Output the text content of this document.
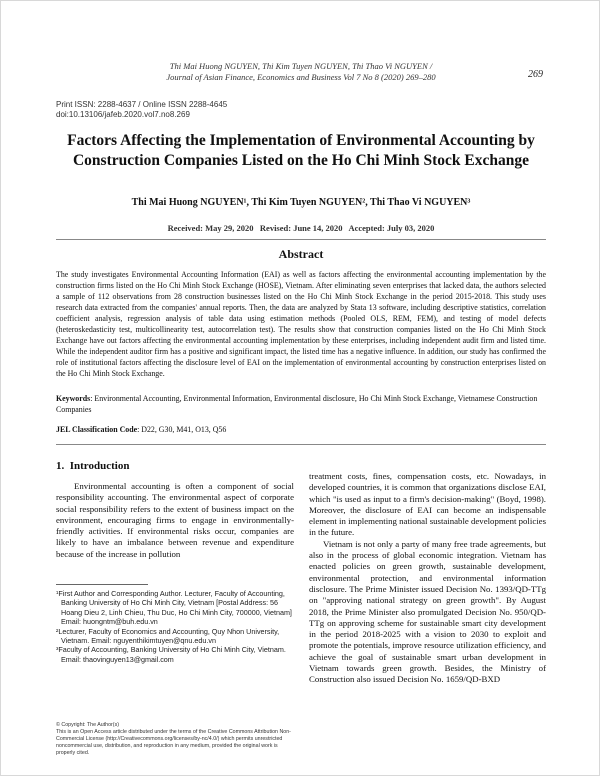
Thi Mai Huong NGUYEN, Thi Kim Tuyen NGUYEN, Thi Thao Vi NGUYEN /
Journal of Asian Finance, Economics and Business Vol 7 No 8 (2020) 269–280	269
Print ISSN: 2288-4637 / Online ISSN 2288-4645
doi:10.13106/jafeb.2020.vol7.no8.269
Factors Affecting the Implementation of Environmental Accounting by
Construction Companies Listed on the Ho Chi Minh Stock Exchange
Thi Mai Huong NGUYEN¹, Thi Kim Tuyen NGUYEN², Thi Thao Vi NGUYEN³
Received: May 29, 2020   Revised: June 14, 2020   Accepted: July 03, 2020
Abstract
The study investigates Environmental Accounting Information (EAI) as well as factors affecting the environmental accounting implementation by the construction firms listed on the Ho Chi Minh Stock Exchange (HOSE), Vietnam. After eliminating seven enterprises that lacked data, the authors selected a sample of 112 observations from 28 construction businesses listed on the Ho Chi Minh Stock Exchange in the period 2015-2018. This study uses research data extracted from the companies' annual reports. Then, the data are analyzed by Stata 13 software, including descriptive statistics, correlation coefficient analysis, regression analysis of table data using estimation methods (Pooled OLS, REM, FEM), and testing of model defects (heteroskedasticity test, multicollinearity test, autocorrelation test). The results show that construction companies listed on the Ho Chi Minh Stock Exchange have out factors affecting the environmental accounting implementation by these enterprises, including independent audit firm and listed time. While the independent auditor firm has a positive and significant impact, the listed time has a negative influence. In addition, our study has confirmed the role of institutional factors affecting the disclosure level of EAI on the implementation of environmental accounting by construction enterprises listed on the Ho Chi Minh Stock Exchange.
Keywords: Environmental Accounting, Environmental Information, Environmental disclosure, Ho Chi Minh Stock Exchange, Vietnamese Construction Companies
JEL Classification Code: D22, G30, M41, O13, Q56
1.  Introduction

Environmental accounting is often a component of social responsibility accounting. The environmental aspect of corporate social responsibility refers to the extent of business impact on the environment, encouraging firms to engage in environmentally-friendly activities. If environmental risks occur, companies are likely to have an imbalance between revenue and expenditure because of the increase in pollution

treatment costs, fines, compensation costs, etc. Nowadays, in developed countries, it is common that organizations disclose EAI, which "is used as input to a firm's decision-making" (Boyd, 1998). Moreover, the disclosure of EAI can become an indispensable element in implementing national sustainable development policies in the future.

Vietnam is not only a party of many free trade agreements, but also in the process of global economic integration. Vietnam has enacted policies on green growth, sustainable development, environmental protection, and environmental information disclosure. The Prime Minister issued Decision No. 1393/QD-TTg on "approving national strategy on green growth". By August 2018, the Prime Minister also promulgated Decision No. 950/QD-TTg on approving scheme for sustainable smart city development in the period 2018-2025 with a vision to 2030 to exploit and promote the potentials, improve resource utilization efficiency, and achieve the goal of sustainable smart urban development in Vietnam towards green growth. Besides, the Ministry of Construction also issued Decision No. 1659/QD-BXD

¹First Author and Corresponding Author. Lecturer, Faculty of Accounting, Banking University of Ho Chi Minh City, Vietnam [Postal Address: 56 Hoang Dieu 2, Linh Chieu, Thu Duc, Ho Chi Minh City, 700000, Vietnam] Email: huongntm@buh.edu.vn

²Lecturer, Faculty of Economics and Accounting, Quy Nhon University, Vietnam. Email: nguyenthikimtuyen@qnu.edu.vn

³Faculty of Accounting, Banking University of Ho Chi Minh City, Vietnam. Email: thaovinguyen13@gmail.com

© Copyright: The Author(s)
This is an Open Access article distributed under the terms of the Creative Commons Attribution Non-Commercial License (http://Creativecommons.org/licenses/by-nc/4.0/) which permits unrestricted noncommercial use, distribution, and reproduction in any medium, provided the original work is properly cited.
